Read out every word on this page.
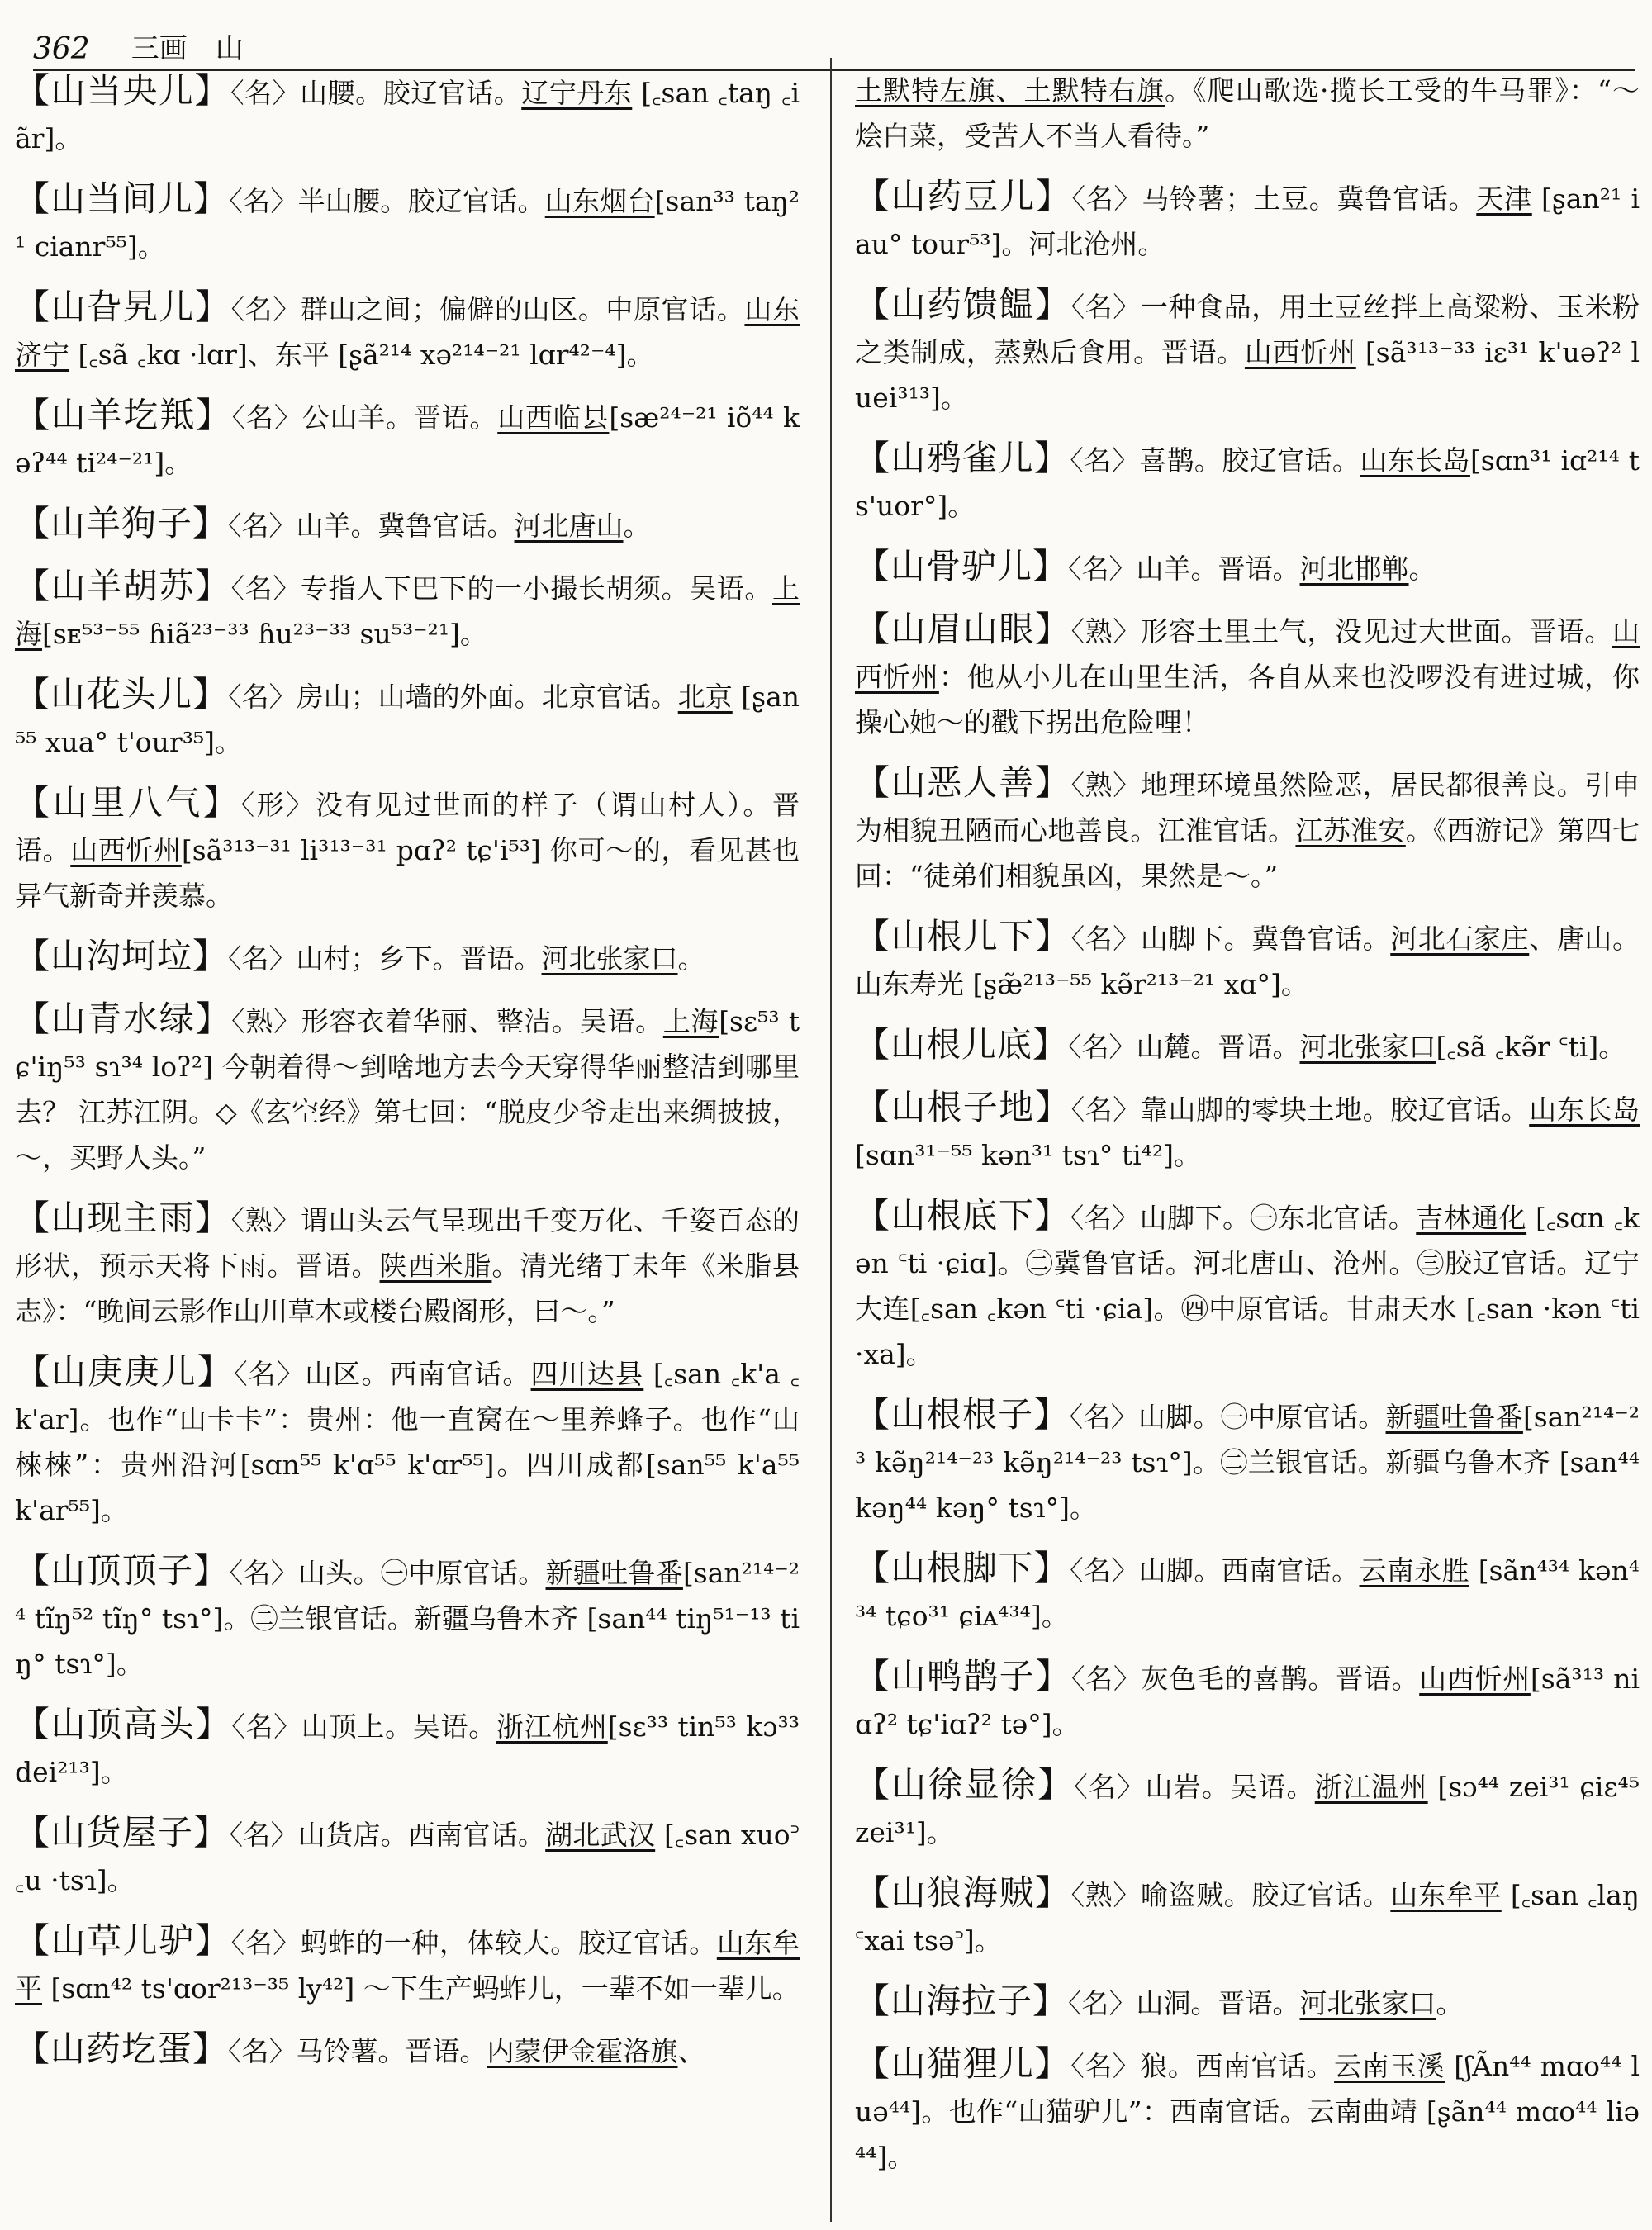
362 三画　山
【山当央儿】〈名〉山腰。胶辽官话。辽宁丹东 [꜀san ꜀taŋ ꜀iãr]。
【山当间儿】〈名〉半山腰。胶辽官话。山东烟台[san³³ taŋ²¹ cianr⁵⁵]。
【山旮旯儿】〈名〉群山之间；偏僻的山区。中原官话。山东济宁 [꜀sã ꜀kɑ ·lɑr]、东平 [ʂã²¹⁴ xə²¹⁴⁻²¹ lɑr⁴²⁻⁴]。
【山羊圪羝】〈名〉公山羊。晋语。山西临县[sæ²⁴⁻²¹ iõ⁴⁴ kəʔ⁴⁴ ti²⁴⁻²¹]。
【山羊狗子】〈名〉山羊。冀鲁官话。河北唐山。
【山羊胡苏】〈名〉专指人下巴下的一小撮长胡须。吴语。上海[sᴇ⁵³⁻⁵⁵ ɦiã²³⁻³³ ɦu²³⁻³³ su⁵³⁻²¹]。
【山花头儿】〈名〉房山；山墙的外面。北京官话。北京 [ʂan⁵⁵ xua° t'our³⁵]。
【山里八气】〈形〉没有见过世面的样子（谓山村人）。晋语。山西忻州[sã³¹³⁻³¹ li³¹³⁻³¹ pɑʔ² tɕ'i⁵³] 你可～的，看见甚也异气新奇并羡慕。
【山沟坷垃】〈名〉山村；乡下。晋语。河北张家口。
【山青水绿】〈熟〉形容衣着华丽、整洁。吴语。上海[sɛ⁵³ tɕ'iŋ⁵³ sɿ³⁴ loʔ²] 今朝着得～到啥地方去今天穿得华丽整洁到哪里去？ 江苏江阴。◇《玄空经》第七回：“脱皮少爷走出来绸披披，～，买野人头。”
【山现主雨】〈熟〉谓山头云气呈现出千变万化、千姿百态的形状，预示天将下雨。晋语。陕西米脂。清光绪丁未年《米脂县志》：“晚间云影作山川草木或楼台殿阁形，曰～。”
【山庚庚儿】〈名〉山区。西南官话。四川达县 [꜀san ꜀k'a ꜀k'ar]。也作“山卡卡”：贵州：他一直窝在～里养蜂子。也作“山棶棶”：贵州沿河[sɑn⁵⁵ k'ɑ⁵⁵ k'ɑr⁵⁵]。四川成都[san⁵⁵ k'a⁵⁵ k'ar⁵⁵]。
【山顶顶子】〈名〉山头。㊀中原官话。新疆吐鲁番[san²¹⁴⁻²⁴ tĩŋ⁵² tĩŋ° tsɿ°]。㊁兰银官话。新疆乌鲁木齐 [san⁴⁴ tiŋ⁵¹⁻¹³ tiŋ° tsɿ°]。
【山顶高头】〈名〉山顶上。吴语。浙江杭州[sɛ³³ tin⁵³ kɔ³³ dei²¹³]。
【山货屋子】〈名〉山货店。西南官话。湖北武汉 [꜀san xuo꜄ ꜀u ·tsɿ]。
【山草儿驴】〈名〉蚂蚱的一种，体较大。胶辽官话。山东牟平 [sɑn⁴² ts'ɑor²¹³⁻³⁵ ly⁴²] ～下生产蚂蚱儿，一辈不如一辈儿。
【山药圪蛋】〈名〉马铃薯。晋语。内蒙伊金霍洛旗、
土默特左旗、土默特右旗。《爬山歌选·揽长工受的牛马罪》：“～烩白菜，受苦人不当人看待。”
【山药豆儿】〈名〉马铃薯；土豆。冀鲁官话。天津 [ʂan²¹ iau° tour⁵³]。河北沧州。
【山药馈饂】〈名〉一种食品，用土豆丝拌上高粱粉、玉米粉之类制成，蒸熟后食用。晋语。山西忻州 [sã³¹³⁻³³ iɛ³¹ k'uəʔ² luei³¹³]。
【山鸦雀儿】〈名〉喜鹊。胶辽官话。山东长岛[sɑn³¹ iɑ²¹⁴ ts'uor°]。
【山骨驴儿】〈名〉山羊。晋语。河北邯郸。
【山眉山眼】〈熟〉形容土里土气，没见过大世面。晋语。山西忻州：他从小儿在山里生活，各自从来也没啰没有进过城，你操心她～的戳下拐出危险哩！
【山恶人善】〈熟〉地理环境虽然险恶，居民都很善良。引申为相貌丑陋而心地善良。江淮官话。江苏淮安。《西游记》第四七回：“徒弟们相貌虽凶，果然是～。”
【山根儿下】〈名〉山脚下。冀鲁官话。河北石家庄、唐山。山东寿光 [ʂæ̃²¹³⁻⁵⁵ kə̃r²¹³⁻²¹ xɑ°]。
【山根儿底】〈名〉山麓。晋语。河北张家口[꜀sã ꜀kə̃r ꜂ti]。
【山根子地】〈名〉靠山脚的零块土地。胶辽官话。山东长岛 [sɑn³¹⁻⁵⁵ kən³¹ tsɿ° ti⁴²]。
【山根底下】〈名〉山脚下。㊀东北官话。吉林通化 [꜀sɑn ꜀kən ꜂ti ·ɕiɑ]。㊁冀鲁官话。河北唐山、沧州。㊂胶辽官话。辽宁大连[꜀san ꜀kən ꜂ti ·ɕia]。㊃中原官话。甘肃天水 [꜀san ·kən ꜂ti ·xa]。
【山根根子】〈名〉山脚。㊀中原官话。新疆吐鲁番[san²¹⁴⁻²³ kə̃ŋ²¹⁴⁻²³ kə̃ŋ²¹⁴⁻²³ tsɿ°]。㊁兰银官话。新疆乌鲁木齐 [san⁴⁴ kəŋ⁴⁴ kəŋ° tsɿ°]。
【山根脚下】〈名〉山脚。西南官话。云南永胜 [sãn⁴³⁴ kən⁴³⁴ tɕo³¹ ɕiᴀ⁴³⁴]。
【山鸭鹊子】〈名〉灰色毛的喜鹊。晋语。山西忻州[sã³¹³ niɑʔ² tɕ'iɑʔ² tə°]。
【山徐显徐】〈名〉山岩。吴语。浙江温州 [sɔ⁴⁴ zei³¹ ɕiɛ⁴⁵ zei³¹]。
【山狼海贼】〈熟〉喻盗贼。胶辽官话。山东牟平 [꜀san ꜀laŋ ꜂xai tsə꜄]。
【山海拉子】〈名〉山洞。晋语。河北张家口。
【山猫狸儿】〈名〉狼。西南官话。云南玉溪 [ʃÃn⁴⁴ mɑo⁴⁴ luə⁴⁴]。也作“山猫驴儿”：西南官话。云南曲靖 [ʂãn⁴⁴ mɑo⁴⁴ liə⁴⁴]。
